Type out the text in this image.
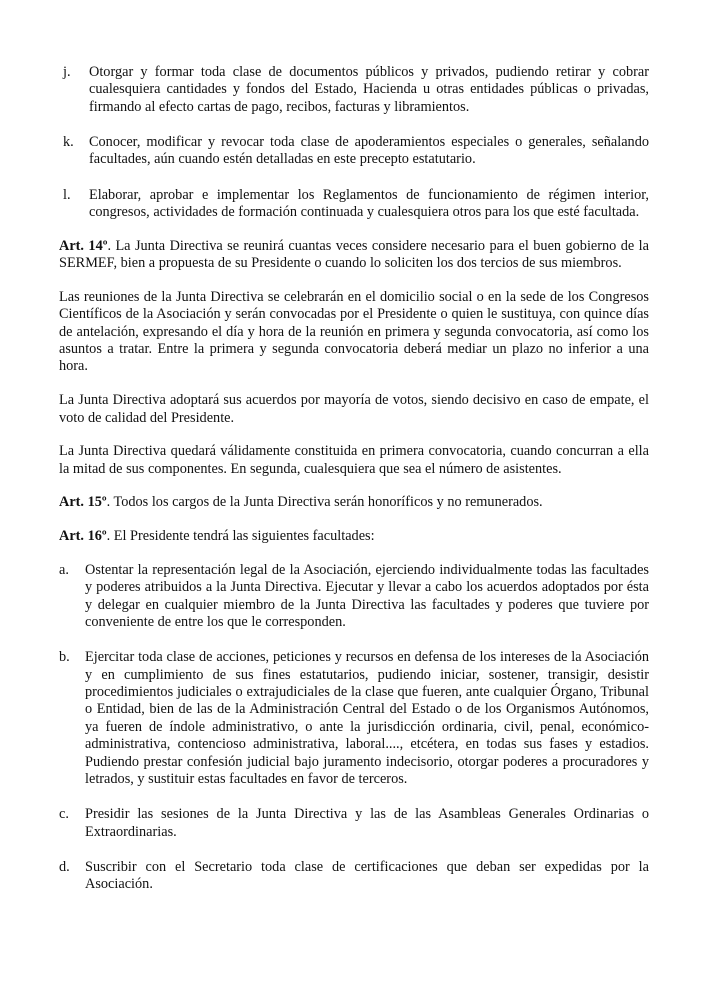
j.	Otorgar y formar toda clase de documentos públicos y privados, pudiendo retirar y cobrar cualesquiera cantidades y fondos del Estado, Hacienda u otras entidades públicas o privadas, firmando al efecto cartas de pago, recibos, facturas y libramientos.
k.	Conocer, modificar y revocar toda clase de apoderamientos especiales o generales, señalando facultades, aún cuando estén detalladas en este precepto estatutario.
l.	Elaborar, aprobar e implementar los Reglamentos de funcionamiento de régimen interior, congresos, actividades de formación continuada y cualesquiera otros para los que esté facultada.

Art. 14º. La Junta Directiva se reunirá cuantas veces considere necesario para el buen gobierno de la SERMEF, bien a propuesta de su Presidente o cuando lo soliciten los dos tercios de sus miembros.

Las reuniones de la Junta Directiva se celebrarán en el domicilio social o en la sede de los Congresos Científicos de la Asociación y serán convocadas por el Presidente o quien le sustituya, con quince días de antelación, expresando el día y hora de la reunión en primera y segunda convocatoria, así como los asuntos a tratar. Entre la primera y segunda convocatoria deberá mediar un plazo no inferior a una hora.

La Junta Directiva adoptará sus acuerdos por mayoría de votos, siendo decisivo en caso de empate, el voto de calidad del Presidente.

La Junta Directiva quedará válidamente constituida en primera convocatoria, cuando concurran a ella la mitad de sus componentes. En segunda, cualesquiera que sea el número de asistentes.

Art. 15º. Todos los cargos de la Junta Directiva serán honoríficos y no remunerados.

Art. 16º. El Presidente tendrá las siguientes facultades:

a.	Ostentar la representación legal de la Asociación, ejerciendo individualmente todas las facultades y poderes atribuidos a la Junta Directiva. Ejecutar y llevar a cabo los acuerdos adoptados por ésta y delegar en cualquier miembro de la Junta Directiva las facultades y poderes que tuviere por conveniente de entre los que le corresponden.
b.	Ejercitar toda clase de acciones, peticiones y recursos en defensa de los intereses de la Asociación y en cumplimiento de sus fines estatutarios, pudiendo iniciar, sostener, transigir, desistir procedimientos judiciales o extrajudiciales de la clase que fueren, ante cualquier Órgano, Tribunal o Entidad, bien de las de la Administración Central del Estado o de los Organismos Autónomos, ya fueren de índole administrativo, o ante la jurisdicción ordinaria, civil, penal, económico-administrativa, contencioso administrativa, laboral...., etcétera, en todas sus fases y estadios. Pudiendo prestar confesión judicial bajo juramento indecisorio, otorgar poderes a procuradores y letrados, y sustituir estas facultades en favor de terceros.
c.	Presidir las sesiones de la Junta Directiva y las de las Asambleas Generales Ordinarias o Extraordinarias.
d.	Suscribir con el Secretario toda clase de certificaciones que deban ser expedidas por la Asociación.
